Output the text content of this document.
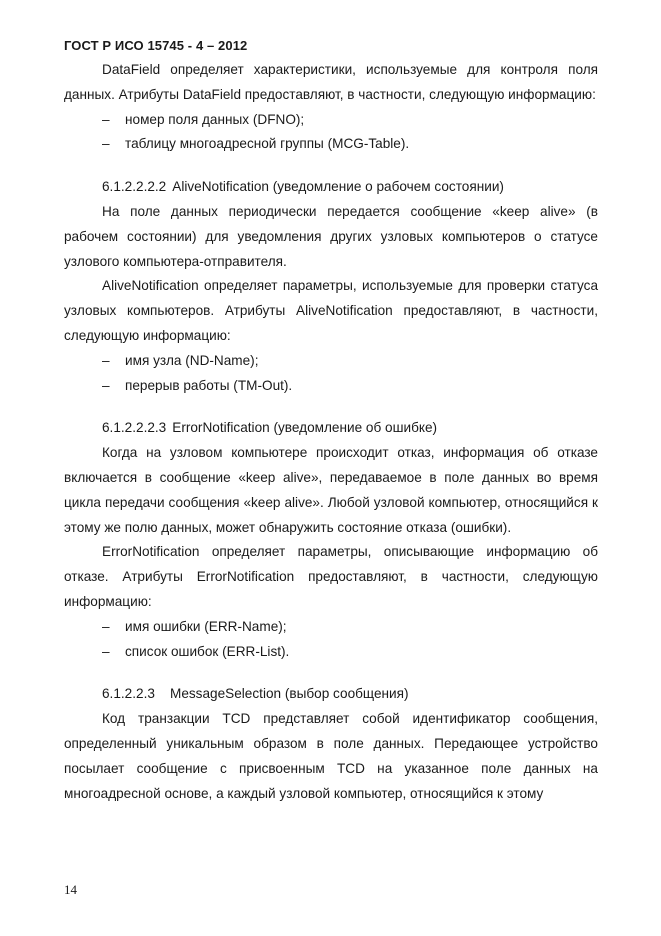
ГОСТ Р ИСО 15745 - 4 – 2012

DataField определяет характеристики, используемые для контроля поля данных. Атрибуты DataField предоставляют, в частности, следующую информацию:

– номер поля данных (DFNO);

– таблицу многоадресной группы (MCG-Table).

6.1.2.2.2.2 AliveNotification (уведомление о рабочем состоянии)

На поле данных периодически передается сообщение «keep alive» (в рабочем состоянии) для уведомления других узловых компьютеров о статусе узлового компьютера-отправителя.

AliveNotification определяет параметры, используемые для проверки статуса узловых компьютеров. Атрибуты AliveNotification предоставляют, в частности, следующую информацию:

– имя узла (ND-Name);

– перерыв работы (TM-Out).

6.1.2.2.2.3 ErrorNotification (уведомление об ошибке)

Когда на узловом компьютере происходит отказ, информация об отказе включается в сообщение «keep alive», передаваемое в поле данных во время цикла передачи сообщения «keep alive». Любой узловой компьютер, относящийся к этому же полю данных, может обнаружить состояние отказа (ошибки).

ErrorNotification определяет параметры, описывающие информацию об отказе. Атрибуты ErrorNotification предоставляют, в частности, следующую информацию:

– имя ошибки (ERR-Name);

– список ошибок (ERR-List).

6.1.2.2.3 MessageSelection (выбор сообщения)

Код транзакции TCD представляет собой идентификатор сообщения, определенный уникальным образом в поле данных. Передающее устройство посылает сообщение с присвоенным TCD на указанное поле данных на многоадресной основе, а каждый узловой компьютер, относящийся к этому

14
